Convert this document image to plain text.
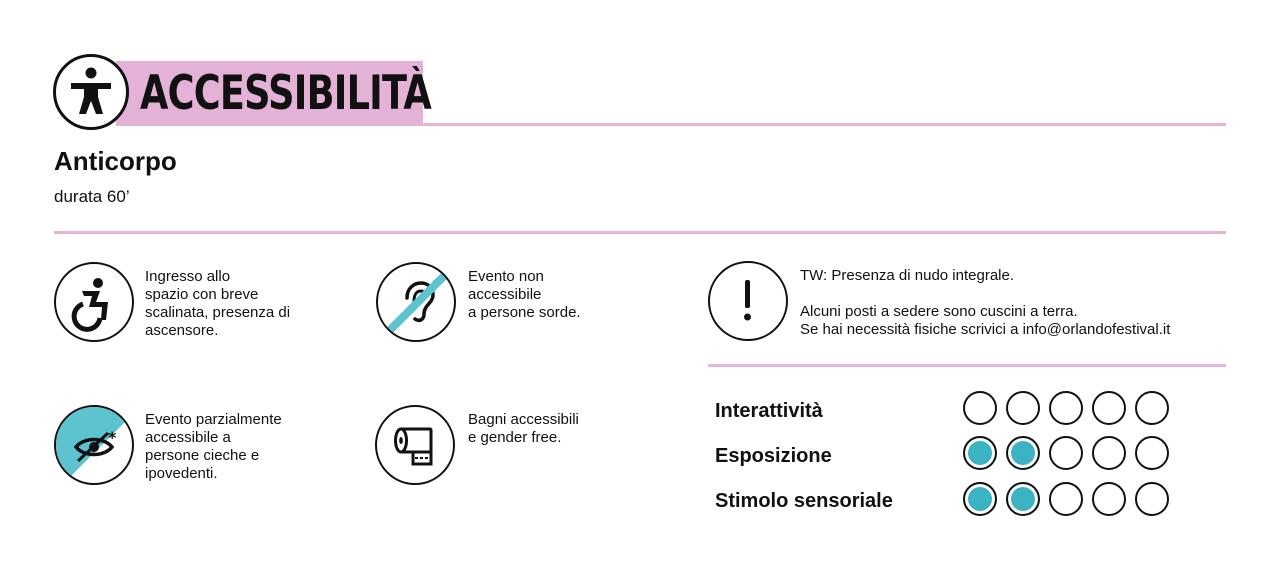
ACCESSIBILITÀ
Anticorpo
durata 60’
Ingresso allo
spazio con breve
scalinata, presenza di
ascensore.
Evento non
accessibile
a persone sorde.
TW: Presenza di nudo integrale.
Alcuni posti a sedere sono cuscini a terra.
Se hai necessità fisiche scrivici a info@orlandofestival.it
*
Evento parzialmente
accessibile a
persone cieche e
ipovedenti.
Bagni accessibili
e gender free.
Interattività
Esposizione
Stimolo sensoriale
